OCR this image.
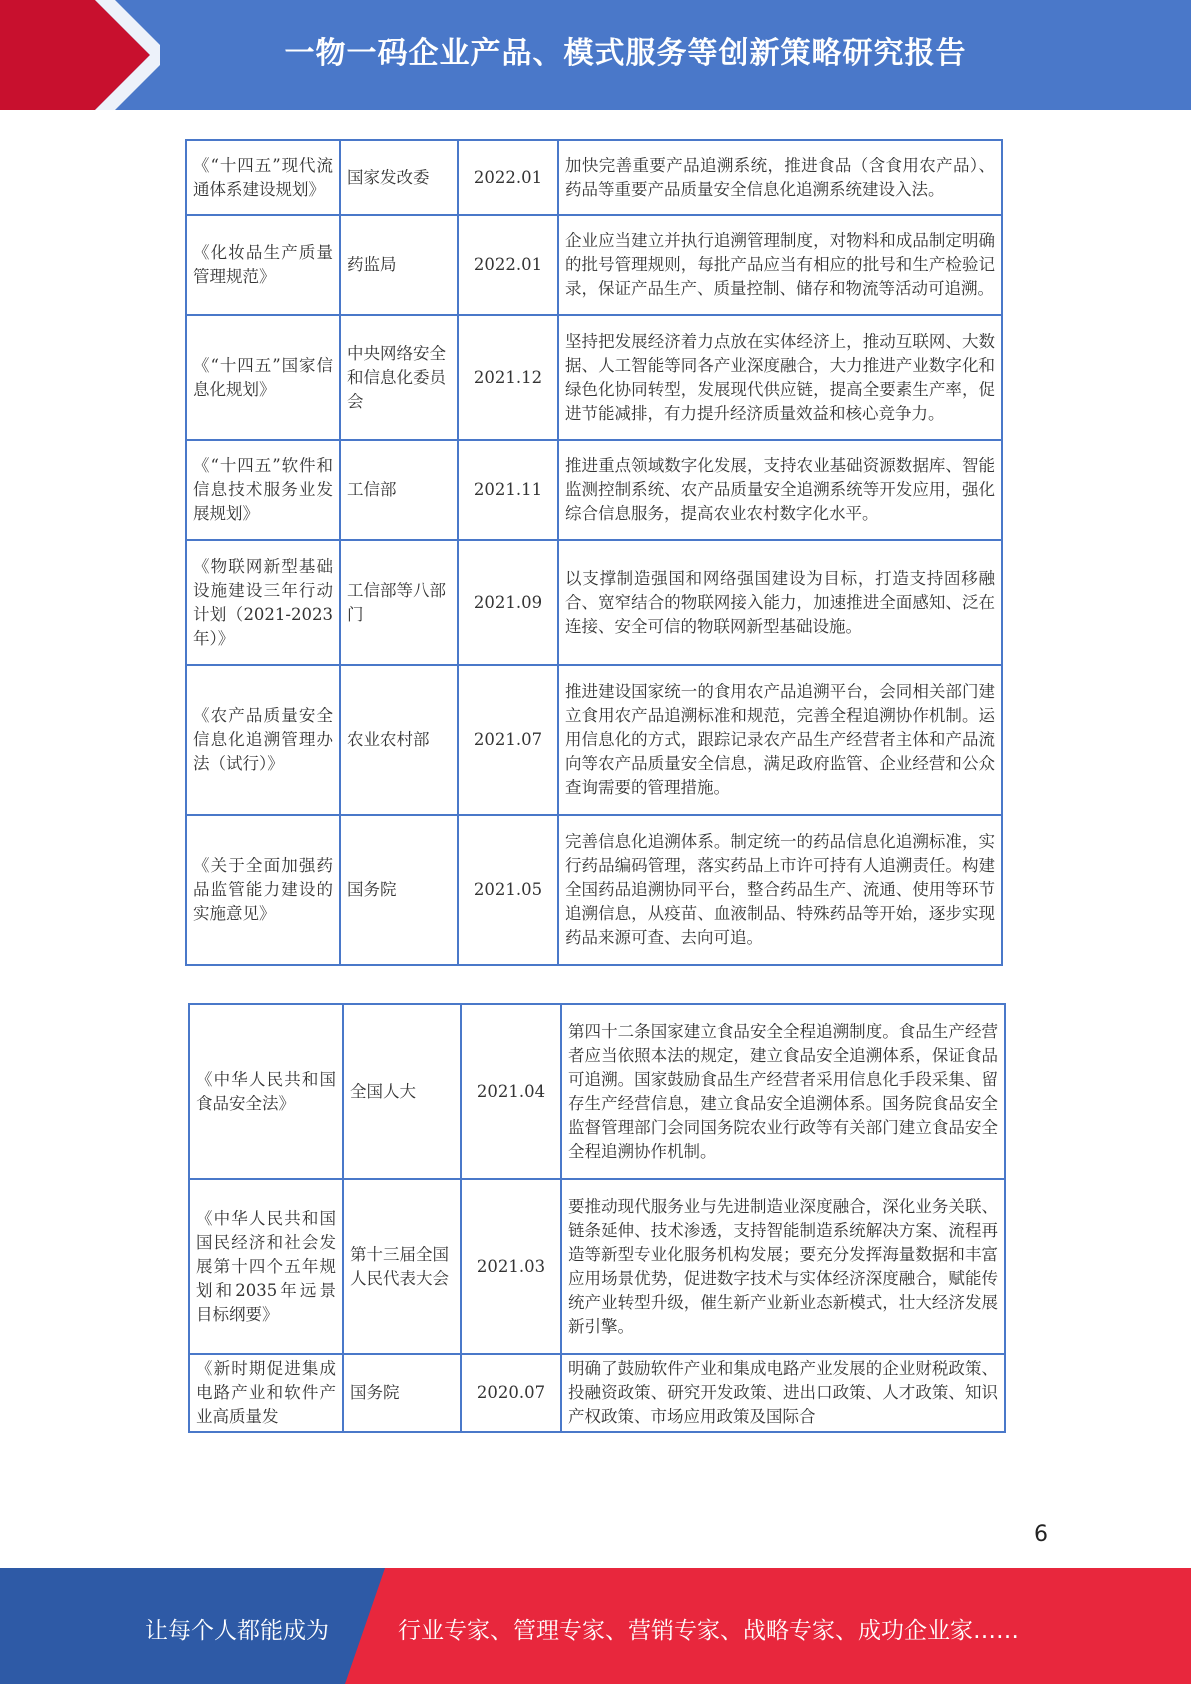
一物一码企业产品、模式服务等创新策略研究报告
《“十四五”现代流通体系建设规划》	国家发改委	2022.01	加快完善重要产品追溯系统，推进食品（含食用农产品）、药品等重要产品质量安全信息化追溯系统建设入法。
《化妆品生产质量管理规范》	药监局	2022.01	企业应当建立并执行追溯管理制度，对物料和成品制定明确的批号管理规则，每批产品应当有相应的批号和生产检验记录，保证产品生产、质量控制、储存和物流等活动可追溯。
《“十四五”国家信息化规划》	中央网络安全和信息化委员会	2021.12	坚持把发展经济着力点放在实体经济上，推动互联网、大数据、人工智能等同各产业深度融合，大力推进产业数字化和绿色化协同转型，发展现代供应链，提高全要素生产率，促进节能减排，有力提升经济质量效益和核心竞争力。
《“十四五”软件和信息技术服务业发展规划》	工信部	2021.11	推进重点领域数字化发展，支持农业基础资源数据库、智能监测控制系统、农产品质量安全追溯系统等开发应用，强化综合信息服务，提高农业农村数字化水平。
《物联网新型基础设施建设三年行动计划（2021-2023年）》	工信部等八部门	2021.09	以支撑制造强国和网络强国建设为目标，打造支持固移融合、宽窄结合的物联网接入能力，加速推进全面感知、泛在连接、安全可信的物联网新型基础设施。
《农产品质量安全信息化追溯管理办法（试行）》	农业农村部	2021.07	推进建设国家统一的食用农产品追溯平台，会同相关部门建立食用农产品追溯标准和规范，完善全程追溯协作机制。运用信息化的方式，跟踪记录农产品生产经营者主体和产品流向等农产品质量安全信息，满足政府监管、企业经营和公众查询需要的管理措施。
《关于全面加强药品监管能力建设的实施意见》	国务院	2021.05	完善信息化追溯体系。制定统一的药品信息化追溯标准，实行药品编码管理，落实药品上市许可持有人追溯责任。构建全国药品追溯协同平台，整合药品生产、流通、使用等环节追溯信息，从疫苗、血液制品、特殊药品等开始，逐步实现药品来源可查、去向可追。
《中华人民共和国食品安全法》	全国人大	2021.04	第四十二条国家建立食品安全全程追溯制度。食品生产经营者应当依照本法的规定，建立食品安全追溯体系，保证食品可追溯。国家鼓励食品生产经营者采用信息化手段采集、留存生产经营信息，建立食品安全追溯体系。国务院食品安全监督管理部门会同国务院农业行政等有关部门建立食品安全全程追溯协作机制。
《中华人民共和国国民经济和社会发展第十四个五年规划和2035年远景目标纲要》	第十三届全国人民代表大会	2021.03	要推动现代服务业与先进制造业深度融合，深化业务关联、链条延伸、技术渗透，支持智能制造系统解决方案、流程再造等新型专业化服务机构发展；要充分发挥海量数据和丰富应用场景优势，促进数字技术与实体经济深度融合，赋能传统产业转型升级，催生新产业新业态新模式，壮大经济发展新引擎。
《新时期促进集成电路产业和软件产业高质量发	国务院	2020.07	明确了鼓励软件产业和集成电路产业发展的企业财税政策、投融资政策、研究开发政策、进出口政策、人才政策、知识产权政策、市场应用政策及国际合
6
让每个人都能成为	行业专家、管理专家、营销专家、战略专家、成功企业家……
